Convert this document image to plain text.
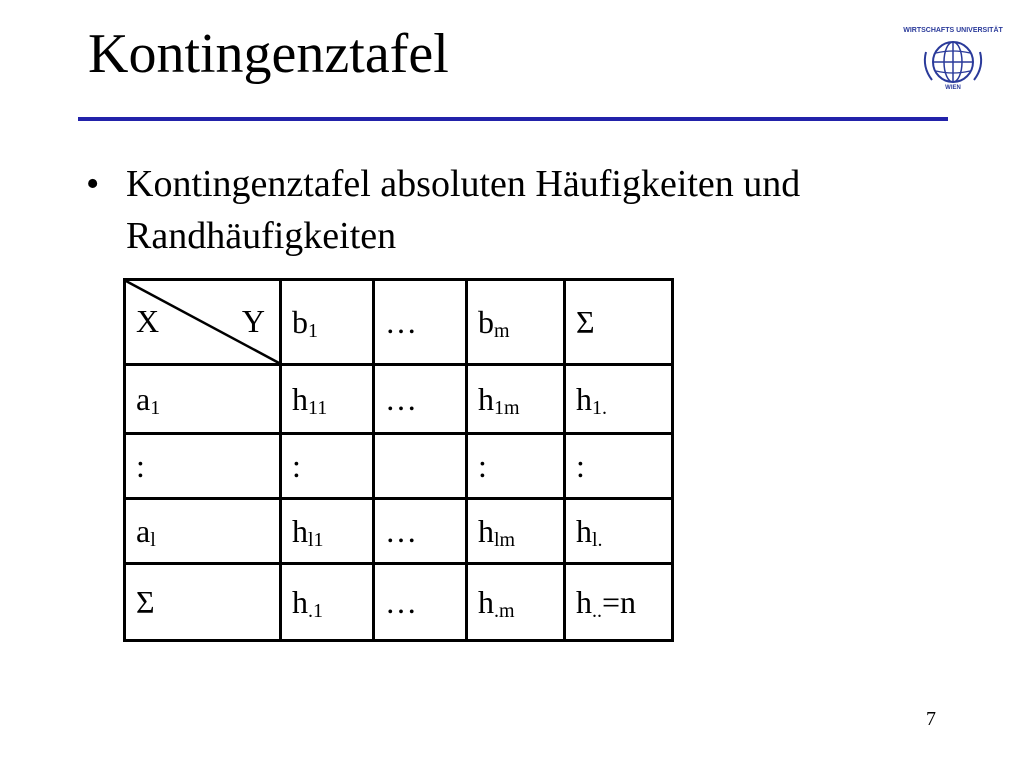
Kontingenztafel	WIRTSCHAFTS UNIVERSITÄT
WIEN
• Kontingenztafel absoluten Häufigkeiten und Randhäufigkeiten
X Y	$b_1$	…	$b_m$	Σ
$a_1$	$h_{11}$	…	$h_{1m}$	$h_{1.}$
:	:		:	:
$a_l$	$h_{l1}$	…	$h_{lm}$	$h_{l.}$
Σ	$h_{.1}$	…	$h_{.m}$	$h_{..}=n$
7
